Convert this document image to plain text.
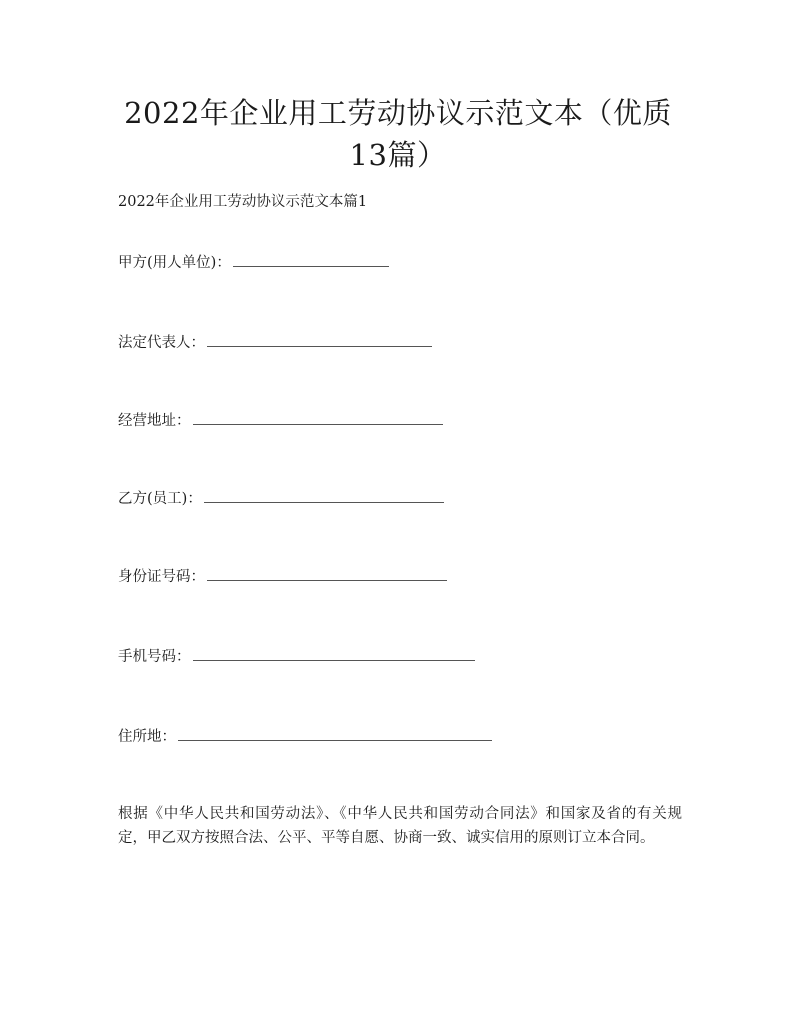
2022年企业用工劳动协议示范文本（优质13篇）
2022年企业用工劳动协议示范文本篇1
甲方(用人单位)：
法定代表人：
经营地址：
乙方(员工)：
身份证号码：
手机号码：
住所地：

根据《中华人民共和国劳动法》、《中华人民共和国劳动合同法》和国家及省的有关规定，甲乙双方按照合法、公平、平等自愿、协商一致、诚实信用的原则订立本合同。
